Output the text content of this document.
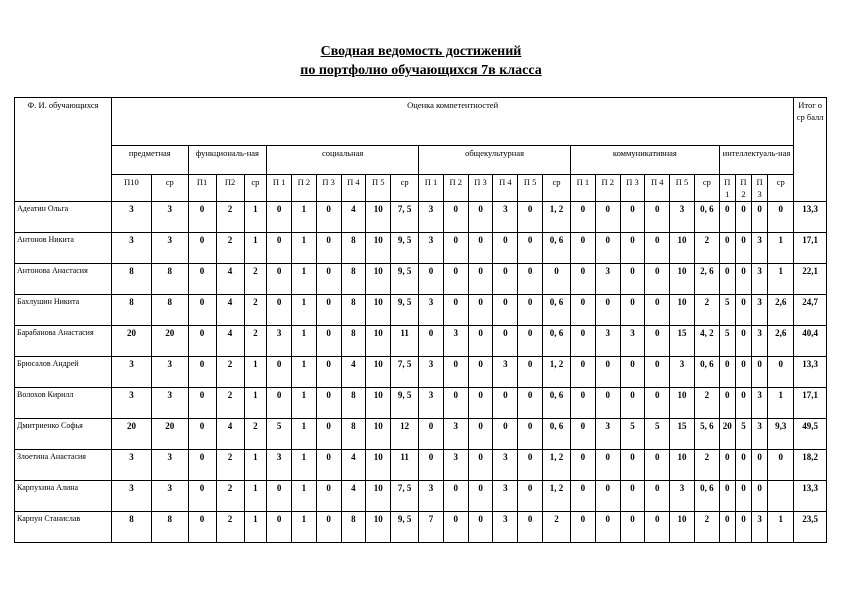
Сводная ведомость достижений
по портфолио обучающихся 7в класса
Ф. И. обучающихся	Оценка компетентностей																											Итог о ср балл
	предметная		функциональ-ная			социальная						общекультурная						коммуникативная						интеллектуаль-ная				
	П10	ср	П1	П2	ср	П 1	П 2	П 3	П 4	П 5	ср	П 1	П 2	П 3	П 4	П 5	ср	П 1	П 2	П 3	П 4	П 5	ср	П 1	П 2	П 3	ср	
Адеатин Ольга	3	3	0	2	1	0	1	0	4	10	7, 5	3	0	0	3	0	1, 2	0	0	0	0	3	0, 6	0	0	0	0	13,3
Антонов Никита	3	3	0	2	1	0	1	0	8	10	9, 5	3	0	0	0	0	0, 6	0	0	0	0	10	2	0	0	3	1	17,1
Антонова Анастасия	8	8	0	4	2	0	1	0	8	10	9, 5	0	0	0	0	0	0	0	3	0	0	10	2, 6	0	0	3	1	22,1
Бахлушин Никита	8	8	0	4	2	0	1	0	8	10	9, 5	3	0	0	0	0	0, 6	0	0	0	0	10	2	5	0	3	2,6	24,7
Барабанова Анастасия	20	20	0	4	2	3	1	0	8	10	11	0	3	0	0	0	0, 6	0	3	3	0	15	4, 2	5	0	3	2,6	40,4
Брюсалов Андрей	3	3	0	2	1	0	1	0	4	10	7, 5	3	0	0	3	0	1, 2	0	0	0	0	3	0, 6	0	0	0	0	13,3
Волохов Кирилл	3	3	0	2	1	0	1	0	8	10	9, 5	3	0	0	0	0	0, 6	0	0	0	0	10	2	0	0	3	1	17,1
Дмитриенко Софья	20	20	0	4	2	5	1	0	8	10	12	0	3	0	0	0	0, 6	0	3	5	5	15	5, 6	20	5	3	9,3	49,5
Злоетина Анастасия	3	3	0	2	1	3	1	0	4	10	11	0	3	0	3	0	1, 2	0	0	0	0	10	2	0	0	0	0	18,2
Карпухина Алина	3	3	0	2	1	0	1	0	4	10	7, 5	3	0	0	3	0	1, 2	0	0	0	0	3	0, 6	0	0	0		13,3
Карпун Станислав	8	8	0	2	1	0	1	0	8	10	9, 5	7	0	0	3	0	2	0	0	0	0	10	2	0	0	3	1	23,5
